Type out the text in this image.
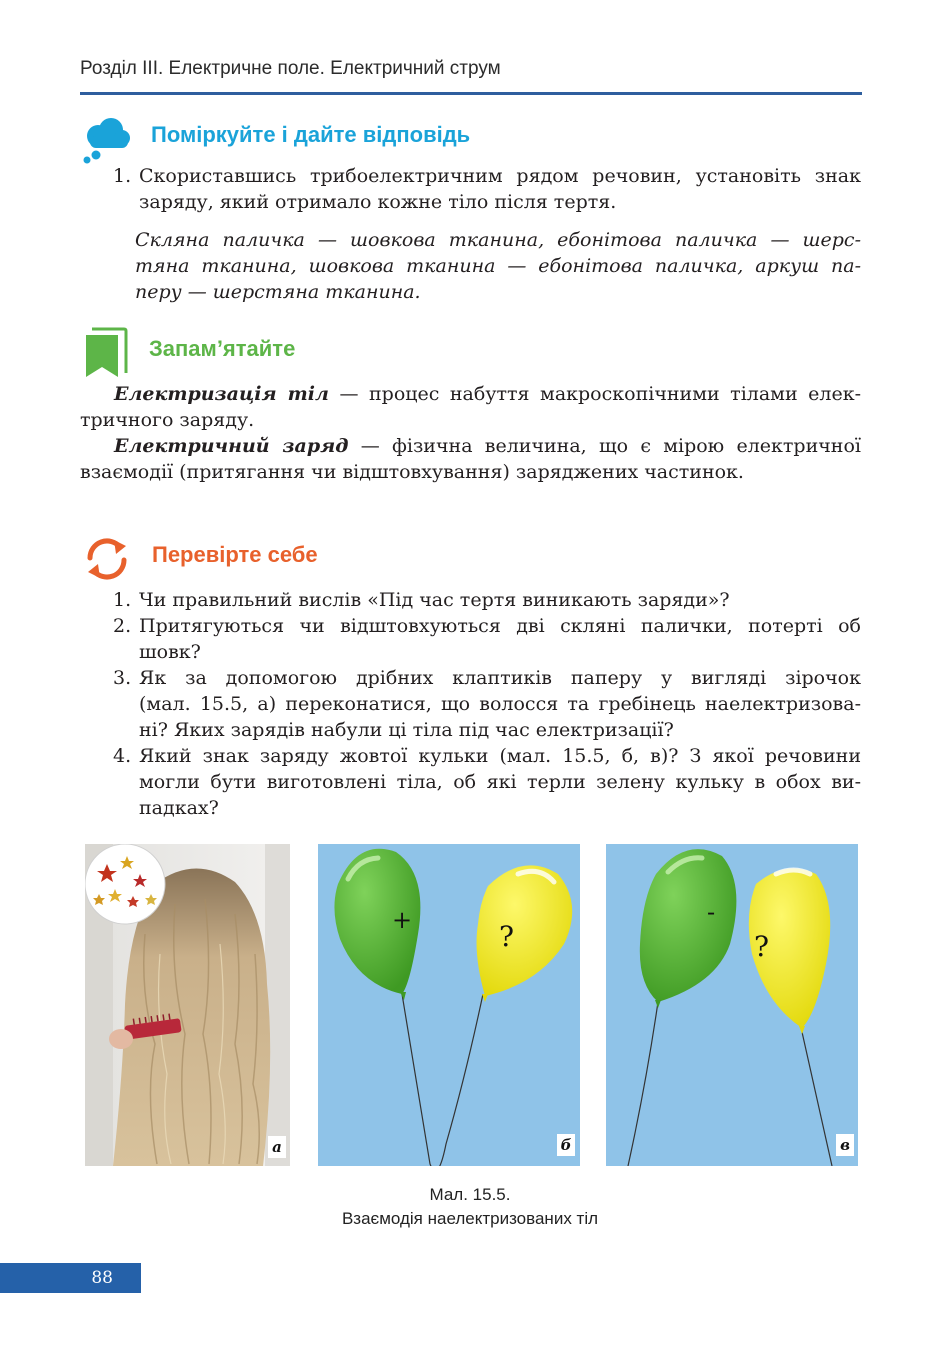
Розділ ІІІ. Електричне поле. Електричний струм
Поміркуйте і дайте відповідь
1. Скориставшись трибоелектричним рядом речовин, установіть знак
заряду, який отримало кожне тіло після тертя.
Скляна паличка — шовкова тканина, ебонітова паличка — шерс-
тяна тканина, шовкова тканина — ебонітова паличка, аркуш па-
перу — шерстяна тканина.
Запам’ятайте
Електризація тіл — процес набуття макроскопічними тілами елек-
тричного заряду.
Електричний заряд — фізична величина, що є мірою електричної
взаємодії (притягання чи відштовхування) заряджених частинок.
Перевірте себе
1. Чи правильний вислів «Під час тертя виникають заряди»?
2. Притягуються чи відштовхуються дві скляні палички, потерті об
шовк?
3. Як за допомогою дрібних клаптиків паперу у вигляді зірочок
(мал. 15.5, а) переконатися, що волосся та гребінець наелектризова-
ні? Яких зарядів набули ці тіла під час електризації?
4. Який знак заряду жовтої кульки (мал. 15.5, б, в)? З якої речовини
могли бути виготовлені тіла, об які терли зелену кульку в обох ви-
падках?
а
+	?
б
-
?
в
Мал. 15.5.
Взаємодія наелектризованих тіл
88
